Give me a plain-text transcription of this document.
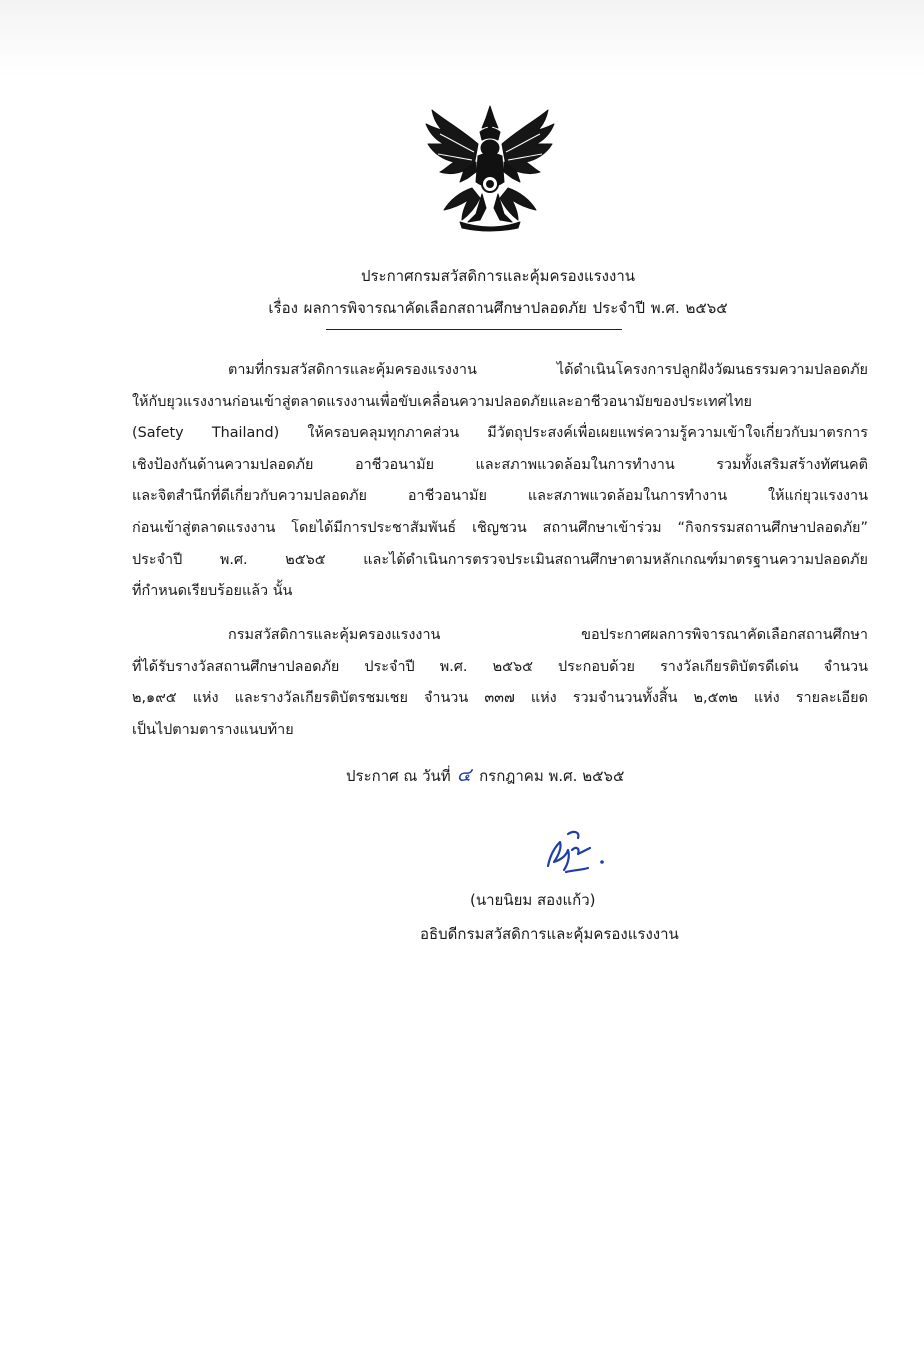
ประกาศกรมสวัสดิการและคุ้มครองแรงงาน
เรื่อง ผลการพิจารณาคัดเลือกสถานศึกษาปลอดภัย ประจำปี พ.ศ. ๒๕๖๕
ตามที่กรมสวัสดิการและคุ้มครองแรงงาน	ได้ดำเนินโครงการปลูกฝังวัฒนธรรมความปลอดภัย
ให้กับยุวแรงงานก่อนเข้าสู่ตลาดแรงงานเพื่อขับเคลื่อนความปลอดภัยและอาชีวอนามัยของประเทศไทย
(Safety Thailand) ให้ครอบคลุมทุกภาคส่วน มีวัตถุประสงค์เพื่อเผยแพร่ความรู้ความเข้าใจเกี่ยวกับมาตรการ
เชิงป้องกันด้านความปลอดภัย	อาชีวอนามัย	และสภาพแวดล้อมในการทำงาน	รวมทั้งเสริมสร้างทัศนคติ
และจิตสำนึกที่ดีเกี่ยวกับความปลอดภัย	อาชีวอนามัย	และสภาพแวดล้อมในการทำงาน	ให้แก่ยุวแรงงาน
ก่อนเข้าสู่ตลาดแรงงาน โดยได้มีการประชาสัมพันธ์ เชิญชวน สถานศึกษาเข้าร่วม “กิจกรรมสถานศึกษาปลอดภัย”
ประจำปี	พ.ศ.	๒๕๖๕	และได้ดำเนินการตรวจประเมินสถานศึกษาตามหลักเกณฑ์มาตรฐานความปลอดภัย
ที่กำหนดเรียบร้อยแล้ว นั้น
กรมสวัสดิการและคุ้มครองแรงงาน	ขอประกาศผลการพิจารณาคัดเลือกสถานศึกษา
ที่ได้รับรางวัลสถานศึกษาปลอดภัย ประจำปี พ.ศ. ๒๕๖๕ ประกอบด้วย รางวัลเกียรติบัตรดีเด่น จำนวน
๒,๑๙๕ แห่ง และรางวัลเกียรติบัตรชมเชย จำนวน ๓๓๗ แห่ง รวมจำนวนทั้งสิ้น ๒,๕๓๒ แห่ง รายละเอียด
เป็นไปตามตารางแนบท้าย
ประกาศ ณ วันที่ ๔ กรกฎาคม พ.ศ. ๒๕๖๕
(นายนิยม สองแก้ว)
อธิบดีกรมสวัสดิการและคุ้มครองแรงงาน
